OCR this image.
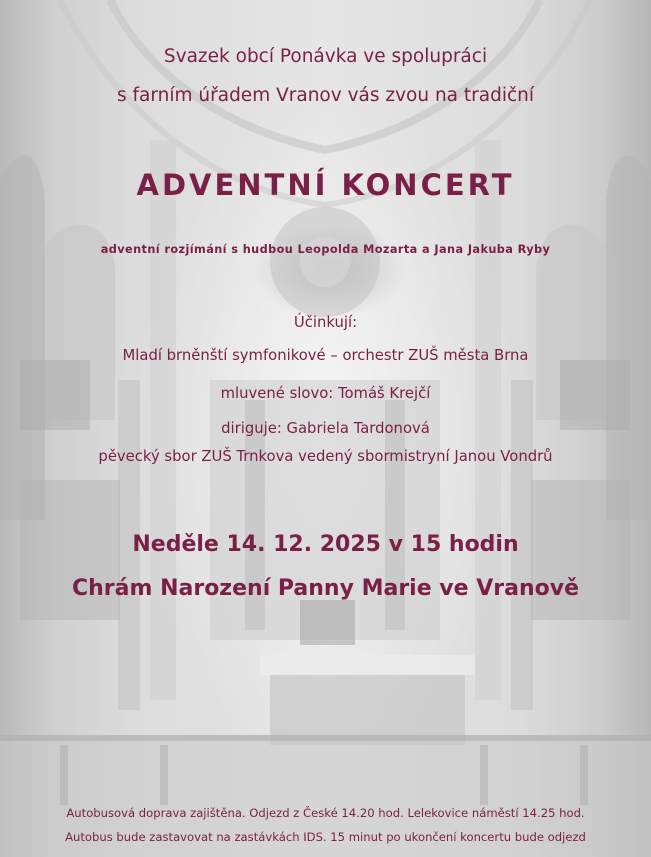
Svazek obcí Ponávka ve spolupráci
s farním úřadem Vranov vás zvou na tradiční
ADVENTNÍ KONCERT
adventní rozjímání s hudbou Leopolda Mozarta a Jana Jakuba Ryby
Účinkují:
Mladí brněnští symfonikové – orchestr ZUŠ města Brna
mluvené slovo: Tomáš Krejčí
diriguje: Gabriela Tardonová
pěvecký sbor ZUŠ Trnkova vedený sbormistryní Janou Vondrů
Neděle 14. 12. 2025 v 15 hodin
Chrám Narození Panny Marie ve Vranově
Autobusová doprava zajištěna. Odjezd z České 14.20 hod. Lelekovice náměstí 14.25 hod.
Autobus bude zastavovat na zastávkách IDS. 15 minut po ukončení koncertu bude odjezd
